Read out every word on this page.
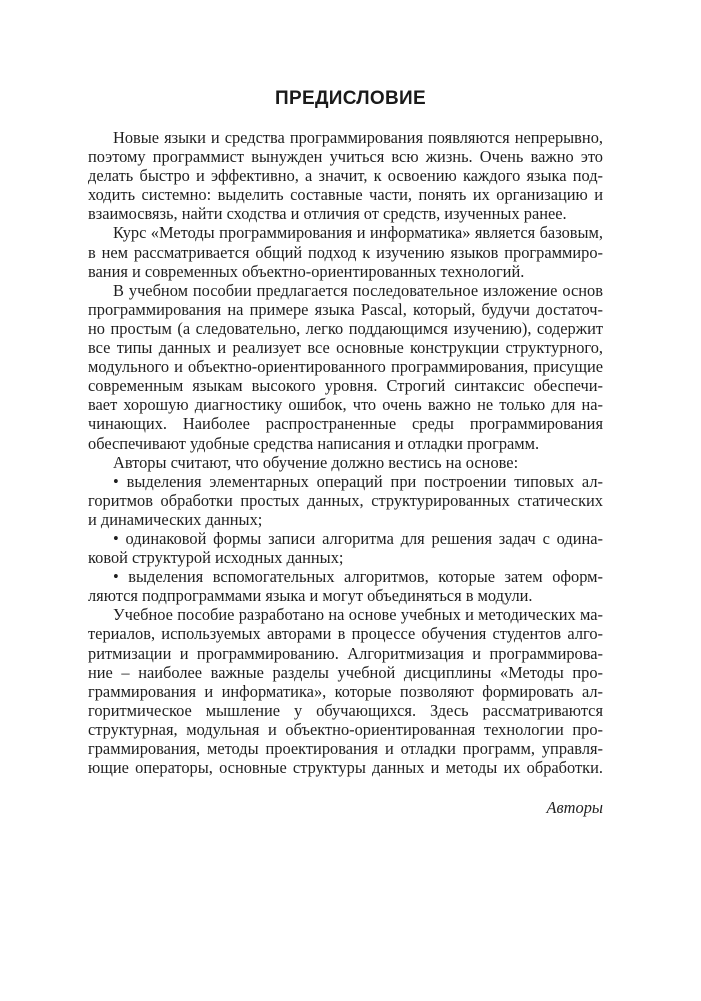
ПРЕДИСЛОВИЕ
Новые языки и средства программирования появляются непрерывно,
поэтому программист вынужден учиться всю жизнь. Очень важно это
делать быстро и эффективно, а значит, к освоению каждого языка под-
ходить системно: выделить составные части, понять их организацию и
взаимосвязь, найти сходства и отличия от средств, изученных ранее.
Курс «Методы программирования и информатика» является базовым,
в нем рассматривается общий подход к изучению языков программиро-
вания и современных объектно-ориентированных технологий.
В учебном пособии предлагается последовательное изложение основ
программирования на примере языка Pascal, который, будучи достаточ-
но простым (а следовательно, легко поддающимся изучению), содержит
все типы данных и реализует все основные конструкции структурного,
модульного и объектно-ориентированного программирования, присущие
современным языкам высокого уровня. Строгий синтаксис обеспечи-
вает хорошую диагностику ошибок, что очень важно не только для на-
чинающих. Наиболее распространенные среды программирования
обеспечивают удобные средства написания и отладки программ.
Авторы считают, что обучение должно вестись на основе:
• выделения элементарных операций при построении типовых ал-
горитмов обработки простых данных, структурированных статических
и динамических данных;
• одинаковой формы записи алгоритма для решения задач с одина-
ковой структурой исходных данных;
• выделения вспомогательных алгоритмов, которые затем оформ-
ляются подпрограммами языка и могут объединяться в модули.
Учебное пособие разработано на основе учебных и методических ма-
териалов, используемых авторами в процессе обучения студентов алго-
ритмизации и программированию. Алгоритмизация и программирова-
ние – наиболее важные разделы учебной дисциплины «Методы про-
граммирования и информатика», которые позволяют формировать ал-
горитмическое мышление у обучающихся. Здесь рассматриваются
структурная, модульная и объектно-ориентированная технологии про-
граммирования, методы проектирования и отладки программ, управля-
ющие операторы, основные структуры данных и методы их обработки.
Авторы
